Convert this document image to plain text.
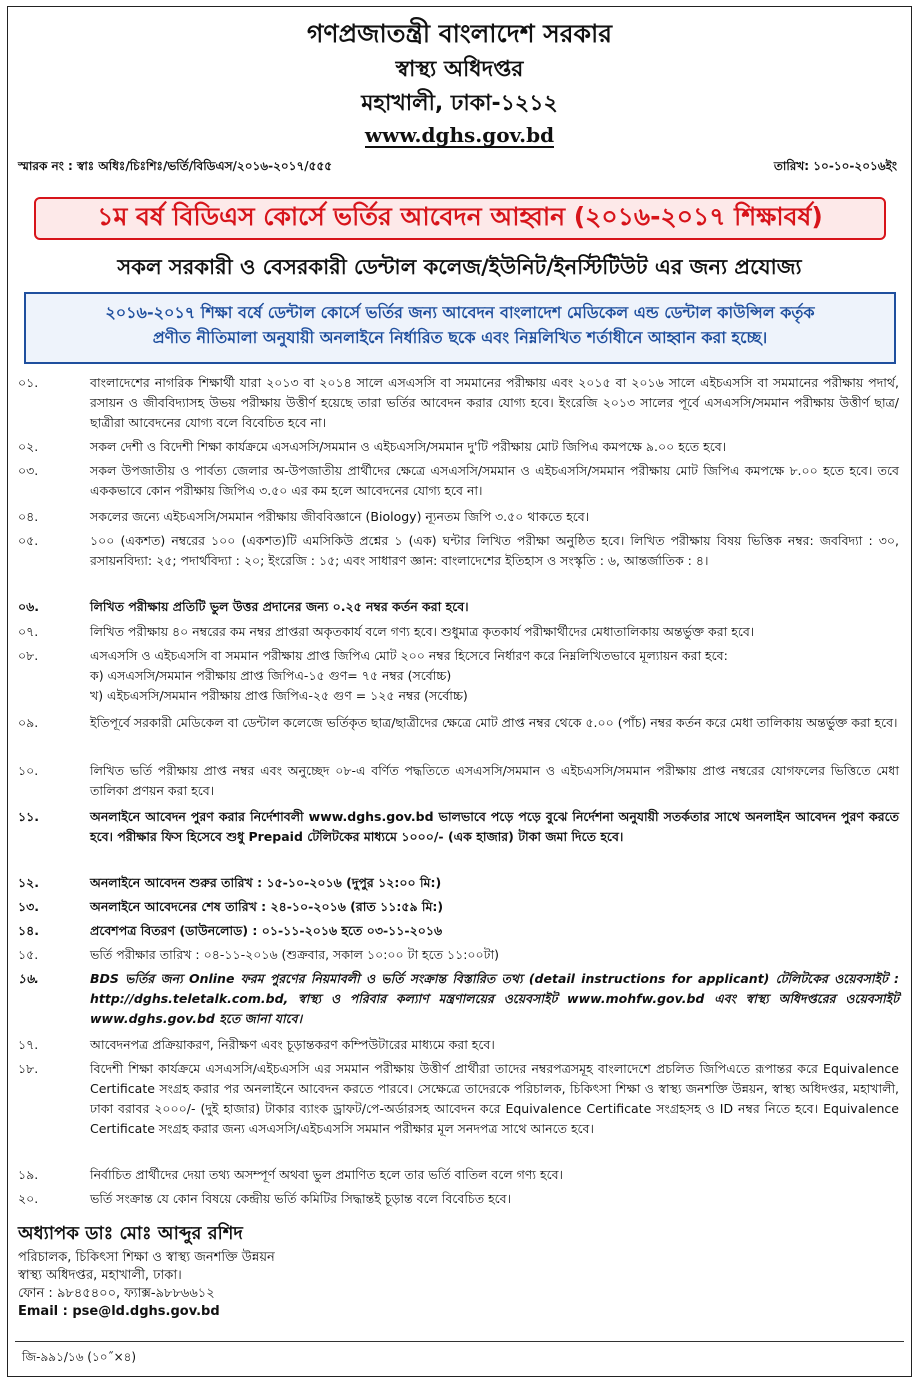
গণপ্রজাতন্ত্রী বাংলাদেশ সরকার
স্বাস্থ্য অধিদপ্তর
মহাখালী, ঢাকা-১২১২
www.dghs.gov.bd
স্মারক নং : স্বাঃ অধিঃ/চিঃশিঃ/ভর্তি/বিডিএস/২০১৬-২০১৭/৫৫৫	তারিখ: ১০-১০-২০১৬ইং
১ম বর্ষ বিডিএস কোর্সে ভর্তির আবেদন আহ্বান (২০১৬-২০১৭ শিক্ষাবর্ষ)
সকল সরকারী ও বেসরকারী ডেন্টাল কলেজ/ইউনিট/ইনস্টিটিউট এর জন্য প্রযোজ্য
২০১৬-২০১৭ শিক্ষা বর্ষে ডেন্টাল কোর্সে ভর্তির জন্য আবেদন বাংলাদেশ মেডিকেল এন্ড ডেন্টাল কাউন্সিল কর্তৃক
প্রণীত নীতিমালা অনুযায়ী অনলাইনে নির্ধারিত ছকে এবং নিম্নলিখিত শর্তাধীনে আহ্বান করা হচ্ছে।
০১.	বাংলাদেশের নাগরিক শিক্ষার্থী যারা ২০১৩ বা ২০১৪ সালে এসএসসি বা সমমানের পরীক্ষায় এবং ২০১৫ বা ২০১৬ সালে এইচএসসি বা সমমানের পরীক্ষায় পদার্থ, রসায়ন ও জীববিদ্যাসহ উভয় পরীক্ষায় উত্তীর্ণ হয়েছে তারা ভর্তির আবেদন করার যোগ্য হবে। ইংরেজি ২০১৩ সালের পূর্বে এসএসসি/সমমান পরীক্ষায় উত্তীর্ণ ছাত্র/ছাত্রীরা আবেদনের যোগ্য বলে বিবেচিত হবে না।
০২.	সকল দেশী ও বিদেশী শিক্ষা কার্যক্রমে এসএসসি/সমমান ও এইচএসসি/সমমান দু'টি পরীক্ষায় মোট জিপিএ কমপক্ষে ৯.০০ হতে হবে।
০৩.	সকল উপজাতীয় ও পার্বত্য জেলার অ-উপজাতীয় প্রার্থীদের ক্ষেত্রে এসএসসি/সমমান ও এইচএসসি/সমমান পরীক্ষায় মোট জিপিএ কমপক্ষে ৮.০০ হতে হবে। তবে এককভাবে কোন পরীক্ষায় জিপিএ ৩.৫০ এর কম হলে আবেদনের যোগ্য হবে না।
০৪.	সকলের জন্যে এইচএসসি/সমমান পরীক্ষায় জীববিজ্ঞানে (Biology) ন্যূনতম জিপি ৩.৫০ থাকতে হবে।
০৫.	১০০ (একশত) নম্বরের ১০০ (একশত)টি এমসিকিউ প্রশ্নের ১ (এক) ঘন্টার লিখিত পরীক্ষা অনুষ্ঠিত হবে। লিখিত পরীক্ষায় বিষয় ভিত্তিক নম্বর: জববিদ্যা : ৩০, রসায়নবিদ্যা: ২৫; পদার্থবিদ্যা : ২০; ইংরেজি : ১৫; এবং সাধারণ জ্ঞান: বাংলাদেশের ইতিহাস ও সংস্কৃতি : ৬, আন্তর্জাতিক : ৪।
০৬.	লিখিত পরীক্ষায় প্রতিটি ভুল উত্তর প্রদানের জন্য ০.২৫ নম্বর কর্তন করা হবে।
০৭.	লিখিত পরীক্ষায় ৪০ নম্বরের কম নম্বর প্রাপ্তরা অকৃতকার্য বলে গণ্য হবে। শুধুমাত্র কৃতকার্য পরীক্ষার্থীদের মেধাতালিকায় অন্তর্ভুক্ত করা হবে।
০৮.	এসএসসি ও এইচএসসি বা সমমান পরীক্ষায় প্রাপ্ত জিপিএ মোট ২০০ নম্বর হিসেবে নির্ধারণ করে নিম্নলিখিতভাবে মূল্যায়ন করা হবে:
ক) এসএসসি/সমমান পরীক্ষায় প্রাপ্ত জিপিএ-১৫ গুণ= ৭৫ নম্বর (সর্বোচ্চ)
খ) এইচএসসি/সমমান পরীক্ষায় প্রাপ্ত জিপিএ-২৫ গুণ = ১২৫ নম্বর (সর্বোচ্চ)
০৯.	ইতিপূর্বে সরকারী মেডিকেল বা ডেন্টাল কলেজে ভর্তিকৃত ছাত্র/ছাত্রীদের ক্ষেত্রে মোট প্রাপ্ত নম্বর থেকে ৫.০০ (পাঁচ) নম্বর কর্তন করে মেধা তালিকায় অন্তর্ভুক্ত করা হবে।
১০.	লিখিত ভর্তি পরীক্ষায় প্রাপ্ত নম্বর এবং অনুচ্ছেদ ০৮-এ বর্ণিত পদ্ধতিতে এসএসসি/সমমান ও এইচএসসি/সমমান পরীক্ষায় প্রাপ্ত নম্বরের যোগফলের ভিত্তিতে মেধা তালিকা প্রণয়ন করা হবে।
১১.	অনলাইনে আবেদন পুরণ করার নির্দেশাবলী www.dghs.gov.bd ভালভাবে পড়ে পড়ে বুঝে নির্দেশনা অনুযায়ী সতর্কতার সাথে অনলাইন আবেদন পুরণ করতে হবে। পরীক্ষার ফিস হিসেবে শুধু Prepaid টেলিটকের মাধ্যমে ১০০০/- (এক হাজার) টাকা জমা দিতে হবে।
১২.	অনলাইনে আবেদন শুরুর তারিখ : ১৫-১০-২০১৬ (দুপুর ১২:০০ মি:)
১৩.	অনলাইনে আবেদনের শেষ তারিখ : ২৪-১০-২০১৬ (রাত ১১:৫৯ মি:)
১৪.	প্রবেশপত্র বিতরণ (ডাউনলোড) : ০১-১১-২০১৬ হতে ০৩-১১-২০১৬
১৫.	ভর্তি পরীক্ষার তারিখ : ০৪-১১-২০১৬ (শুক্রবার, সকাল ১০:০০ টা হতে ১১:০০টা)
১৬.	BDS ভর্তির জন্য Online ফরম পুরণের নিয়মাবলী ও ভর্তি সংক্রান্ত বিস্তারিত তথ্য (detail instructions for applicant) টেলিটকের ওয়েবসাইট : http://dghs.teletalk.com.bd, স্বাস্থ্য ও পরিবার কল্যাণ মন্ত্রণালয়ের ওয়েবসাইট www.mohfw.gov.bd এবং স্বাস্থ্য অধিদপ্তরের ওয়েবসাইট www.dghs.gov.bd হতে জানা যাবে।
১৭.	আবেদনপত্র প্রক্রিয়াকরণ, নিরীক্ষণ এবং চূড়ান্তকরণ কম্পিউটারের মাধ্যমে করা হবে।
১৮.	বিদেশী শিক্ষা কার্যক্রমে এসএসসি/এইচএসসি এর সমমান পরীক্ষায় উত্তীর্ণ প্রার্থীরা তাদের নম্বরপত্রসমূহ বাংলাদেশে প্রচলিত জিপিএতে রূপান্তর করে Equivalence Certificate সংগ্রহ করার পর অনলাইনে আবেদন করতে পারবে। সেক্ষেত্রে তাদেরকে পরিচালক, চিকিৎসা শিক্ষা ও স্বাস্থ্য জনশক্তি উন্নয়ন, স্বাস্থ্য অধিদপ্তর, মহাখালী, ঢাকা বরাবর ২০০০/- (দুই হাজার) টাকার ব্যাংক ড্রাফট/পে-অর্ডারসহ আবেদন করে Equivalence Certificate সংগ্রহসহ ও ID নম্বর নিতে হবে। Equivalence Certificate সংগ্রহ করার জন্য এসএসসি/এইচএসসি সমমান পরীক্ষার মূল সনদপত্র সাথে আনতে হবে।
১৯.	নির্বাচিত প্রার্থীদের দেয়া তথ্য অসম্পূর্ণ অথবা ভুল প্রমাণিত হলে তার ভর্তি বাতিল বলে গণ্য হবে।
২০.	ভর্তি সংক্রান্ত যে কোন বিষয়ে কেন্দ্রীয় ভর্তি কমিটির সিদ্ধান্তই চূড়ান্ত বলে বিবেচিত হবে।
অধ্যাপক ডাঃ মোঃ আব্দুর রশিদ
পরিচালক, চিকিৎসা শিক্ষা ও স্বাস্থ্য জনশক্তি উন্নয়ন
স্বাস্থ্য অধিদপ্তর, মহাখালী, ঢাকা।
ফোন : ৯৮৪৫৪০০, ফ্যাক্স-৯৮৮৬৬১২
Email : pse@ld.dghs.gov.bd
জি-৯৯১/১৬ (১০˝×৪)
